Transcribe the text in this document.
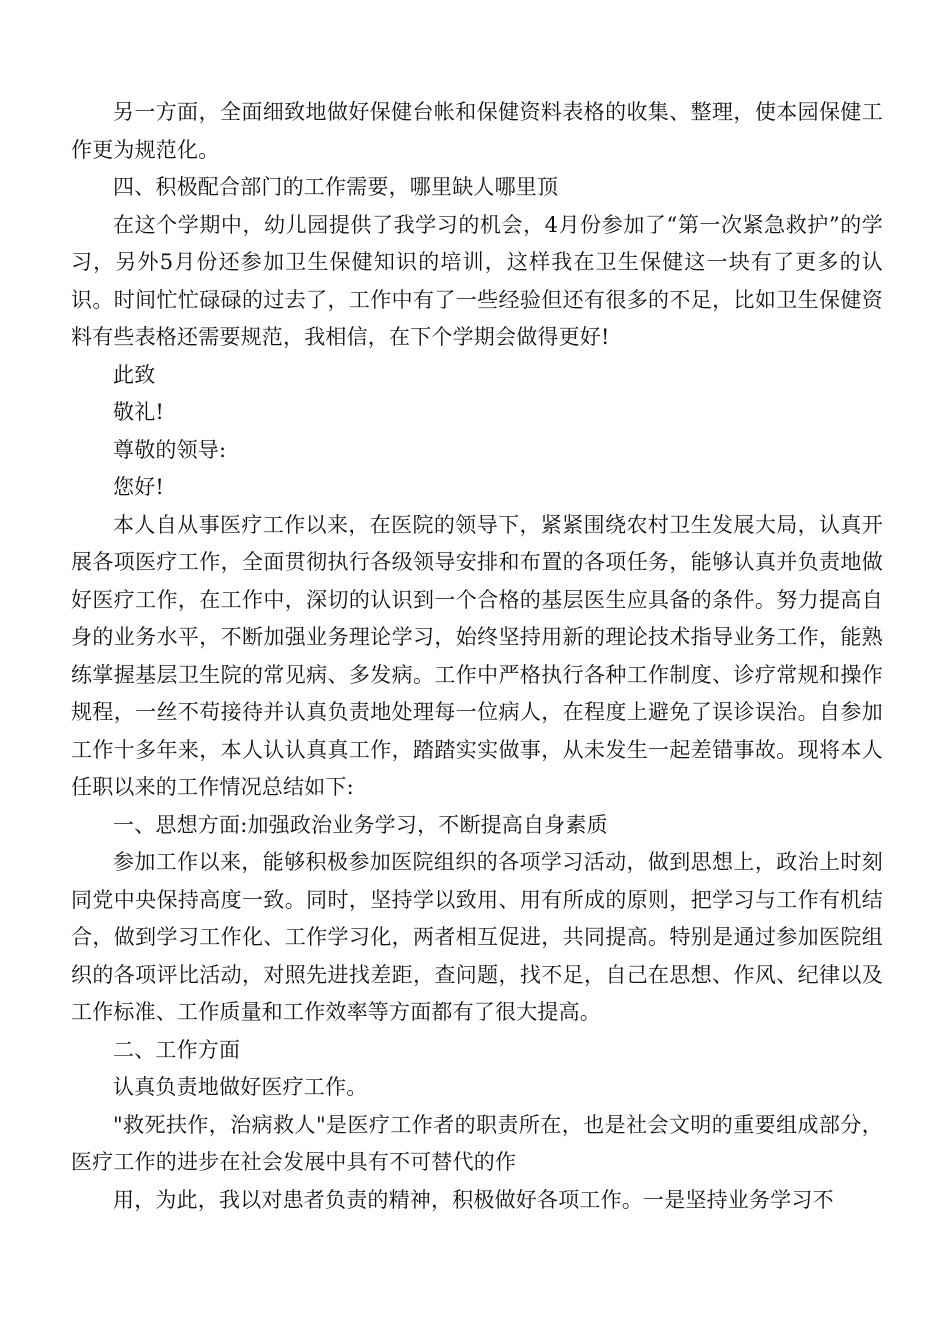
另一方面，全面细致地做好保健台帐和保健资料表格的收集、整理，使本园保健工作更为规范化。

四、积极配合部门的工作需要，哪里缺人哪里顶

在这个学期中，幼儿园提供了我学习的机会，4月份参加了“第一次紧急救护”的学习，另外5月份还参加卫生保健知识的培训，这样我在卫生保健这一块有了更多的认识。时间忙忙碌碌的过去了，工作中有了一些经验但还有很多的不足，比如卫生保健资料有些表格还需要规范，我相信，在下个学期会做得更好!

此致

敬礼!

尊敬的领导:

您好!

本人自从事医疗工作以来，在医院的领导下，紧紧围绕农村卫生发展大局，认真开展各项医疗工作，全面贯彻执行各级领导安排和布置的各项任务，能够认真并负责地做好医疗工作，在工作中，深切的认识到一个合格的基层医生应具备的条件。努力提高自身的业务水平，不断加强业务理论学习，始终坚持用新的理论技术指导业务工作，能熟练掌握基层卫生院的常见病、多发病。工作中严格执行各种工作制度、诊疗常规和操作规程，一丝不苟接待并认真负责地处理每一位病人，在程度上避免了误诊误治。自参加工作十多年来，本人认认真真工作，踏踏实实做事，从未发生一起差错事故。现将本人任职以来的工作情况总结如下:

一、思想方面:加强政治业务学习，不断提高自身素质

参加工作以来，能够积极参加医院组织的各项学习活动，做到思想上，政治上时刻同党中央保持高度一致。同时，坚持学以致用、用有所成的原则，把学习与工作有机结合，做到学习工作化、工作学习化，两者相互促进，共同提高。特别是通过参加医院组织的各项评比活动，对照先进找差距，查问题，找不足，自己在思想、作风、纪律以及工作标准、工作质量和工作效率等方面都有了很大提高。

二、工作方面

认真负责地做好医疗工作。

"救死扶作，治病救人"是医疗工作者的职责所在，也是社会文明的重要组成部分，医疗工作的进步在社会发展中具有不可替代的作

用，为此，我以对患者负责的精神，积极做好各项工作。一是坚持业务学习不
